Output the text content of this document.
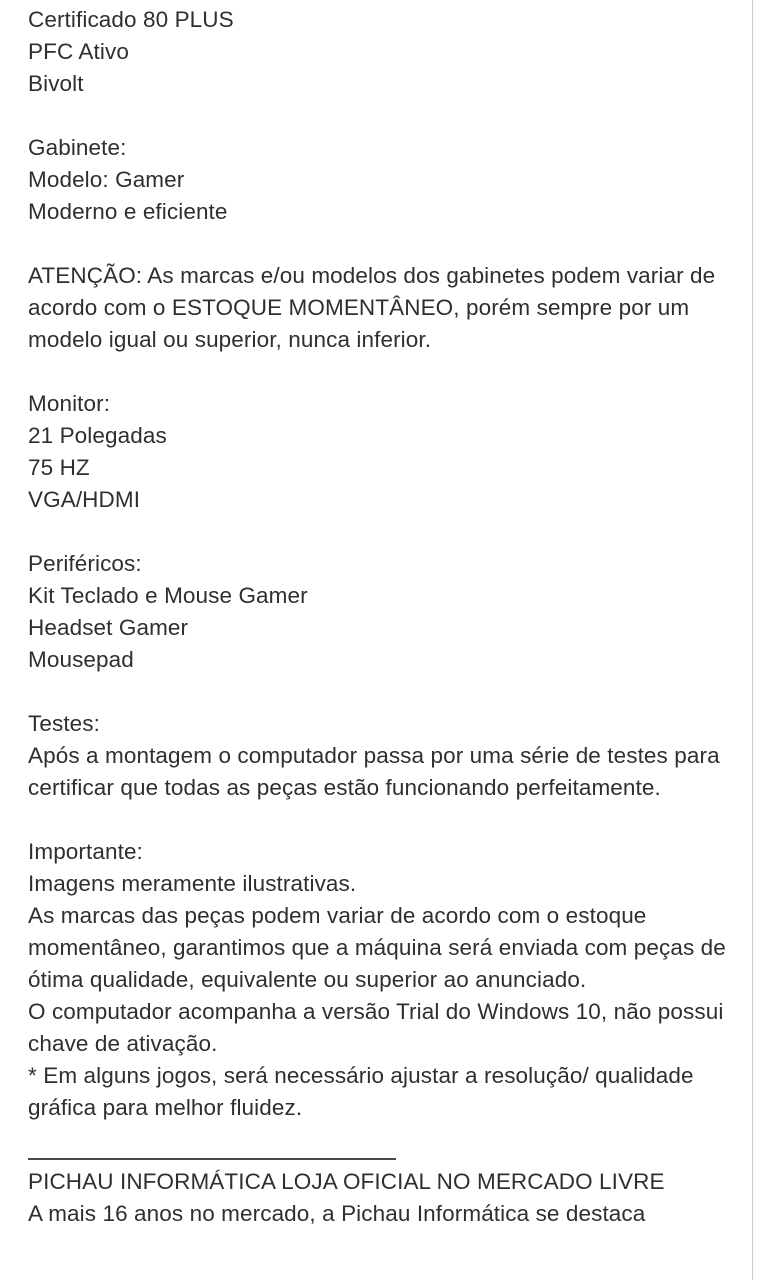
Certificado 80 PLUS
PFC Ativo
Bivolt
Gabinete:
Modelo: Gamer
Moderno e eficiente
ATENÇÃO: As marcas e/ou modelos dos gabinetes podem variar de acordo com o ESTOQUE MOMENTÂNEO, porém sempre por um modelo igual ou superior, nunca inferior.
Monitor:
21 Polegadas
75 HZ
VGA/HDMI
Periféricos:
Kit Teclado e Mouse Gamer
Headset Gamer
Mousepad
Testes:
Após a montagem o computador passa por uma série de testes para certificar que todas as peças estão funcionando perfeitamente.
Importante:
Imagens meramente ilustrativas.
As marcas das peças podem variar de acordo com o estoque momentâneo, garantimos que a máquina será enviada com peças de ótima qualidade, equivalente ou superior ao anunciado.
O computador acompanha a versão Trial do Windows 10, não possui chave de ativação.
* Em alguns jogos, será necessário ajustar a resolução/ qualidade gráfica para melhor fluidez.
PICHAU INFORMÁTICA LOJA OFICIAL NO MERCADO LIVRE
A mais 16 anos no mercado, a Pichau Informática se destaca
